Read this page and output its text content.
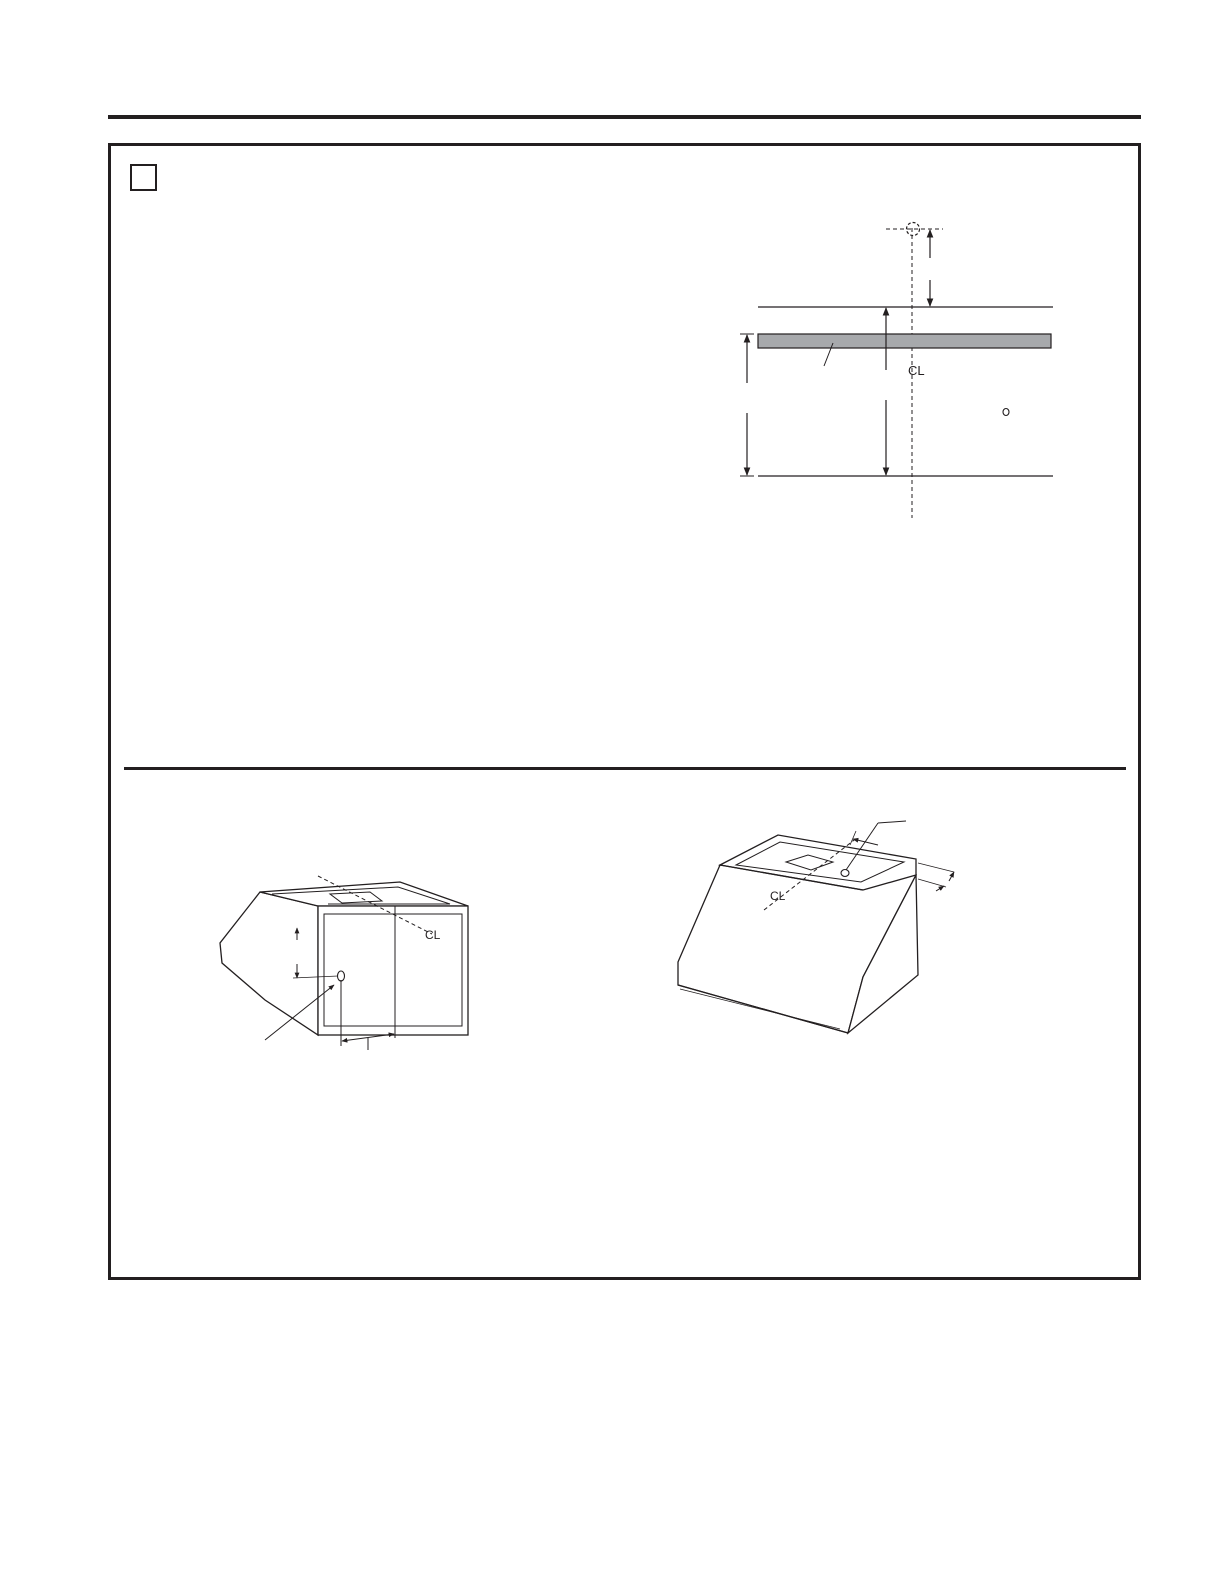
CL
CL
CL
